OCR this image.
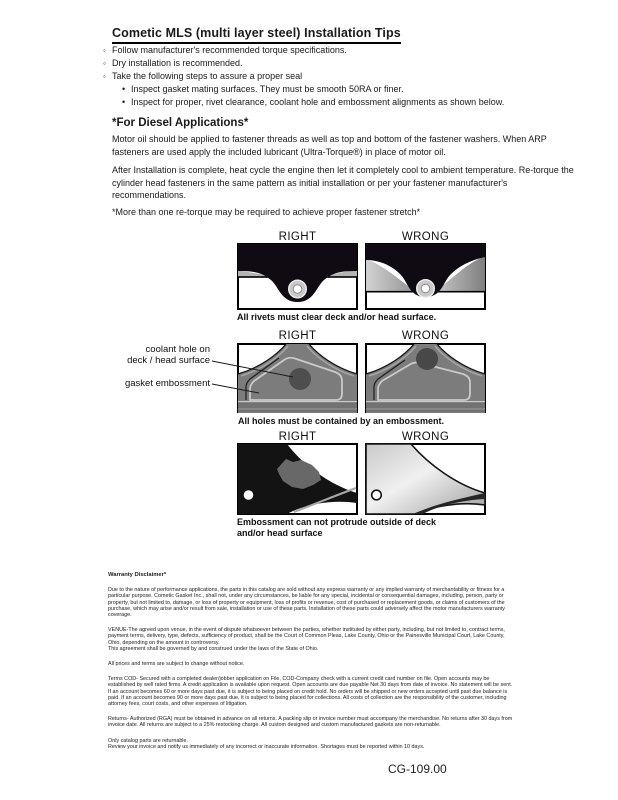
Cometic MLS (multi layer steel) Installation Tips
◦ Follow manufacturer's recommended torque specifications.
◦ Dry installation is recommended.
◦ Take the following steps to assure a proper seal
• Inspect gasket mating surfaces. They must be smooth 50RA or finer.
• Inspect for proper, rivet clearance, coolant hole and embossment alignments as shown below.
*For Diesel Applications*
Motor oil should be applied to fastener threads as well as top and bottom of the fastener washers. When ARP fasteners are used apply the included lubricant (Ultra-Torque®) in place of motor oil.
After Installation is complete, heat cycle the engine then let it completely cool to ambient temperature. Re-torque the cylinder head fasteners in the same pattern as initial installation or per your fastener manufacturer's recommendations.
*More than one re-torque may be required to achieve proper fastener stretch*
RIGHT	WRONG
All rivets must clear deck and/or head surface.
RIGHT	WRONG
coolant hole on
deck / head surface
gasket embossment
All holes must be contained by an embossment.
RIGHT	WRONG
Embossment can not protrude outside of deck
and/or head surface
Warranty Disclaimer*

Due to the nature of performance applications, the parts in this catalog are sold without any express warranty or any implied warranty of merchantability or fitness for a particular purpose. Cometic Gasket Inc., shall not, under any circumstances, be liable for any special, incidental or consequential damages, including, person, party or property, but not limited to, damage, or loss of property or equipment, loss of profits or revenue, cost of purchased or replacement goods, or claims of customers of the purchase, which may arise and/or result from sale, installation or use of these parts. Installation of these parts could adversely affect the motor manufacturers warranty coverage.

VENUE-The agreed upon venue, in the event of dispute whatsoever between the parties, whether instituted by either party, including, but not limited to, contract terms, payment terms, delivery, type, defects, sufficiency of product, shall be the Court of Common Pleas, Lake County, Ohio or the Painesville Municipal Court, Lake County, Ohio, depending on the amount in controversy.
This agreement shall be governed by and construed under the laws of the State of Ohio.

All prices and terms are subject to change without notice.

Terms COD- Secured with a completed dealer/jobber application on File, COD-Company check with a current credit card number on file. Open accounts may be established by well rated firms. A credit application is available upon request. Open accounts are due payable Net 30 days from date of invoice. No statement will be sent. If an account becomes 60 or more days past due, it is subject to being placed on credit hold. No orders will be shipped or new orders accepted until past due balance is paid. If an account becomes 90 or more days past due, it is subject to being placed for collections. All costs of collection are the responsibility of the customer, including attorney fees, court costs, and other expenses of litigation.

Returns- Authorized (RGA) must be obtained in advance on all returns. A packing slip or invoice number must accompany the merchandise. No returns after 30 days from invoice date. All returns are subject to a 25% restocking charge. All custom designed and custom manufactured gaskets are non-returnable.

Only catalog parts are returnable.
Review your invoice and notify us immediately of any incorrect or inaccurate information. Shortages must be reported within 10 days.
CG-109.00
